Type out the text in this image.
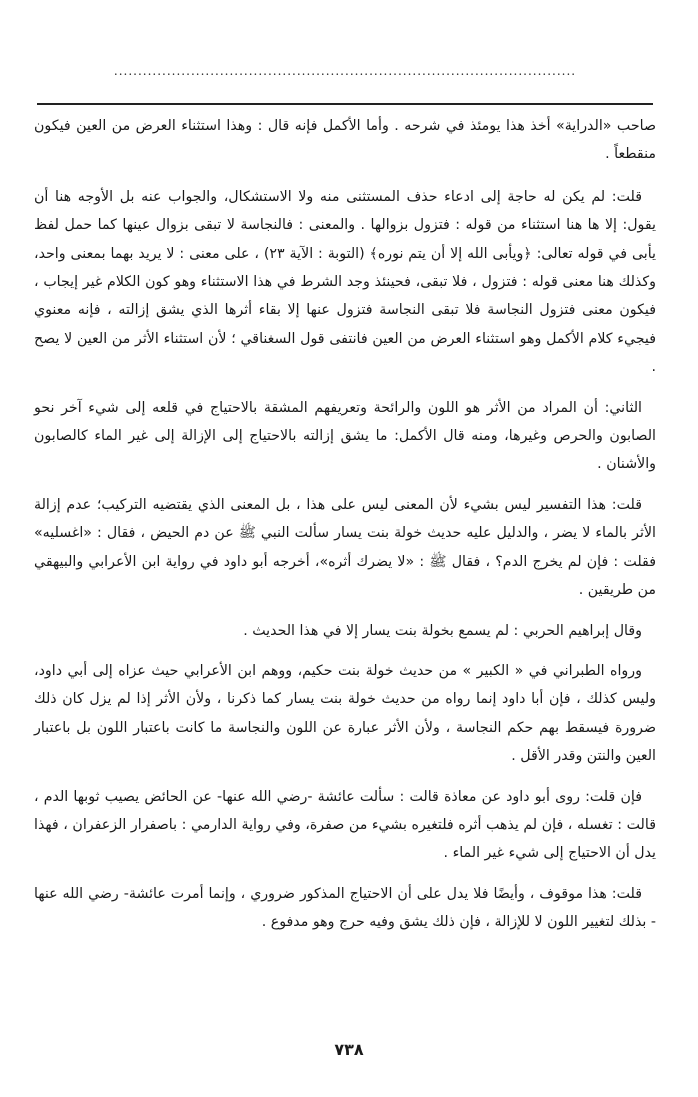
................................................................................................

صاحب «الدراية» أخذ هذا يومئذ في شرحه . وأما الأكمل فإنه قال : وهذا استثناء العرض من العين فيكون منقطعاً .

قلت: لم يكن له حاجة إلى ادعاء حذف المستثنى منه ولا الاستشكال، والجواب عنه بل الأوجه هنا أن يقول: إلا ها هنا استثناء من قوله : فتزول بزوالها . والمعنى : فالنجاسة لا تبقى بزوال عينها كما حمل لفظ يأبى في قوله تعالى: ﴿ويأبى الله إلا أن يتم نوره﴾ (التوبة : الآية ٢٣) ، على معنى : لا يريد بهما بمعنى واحد، وكذلك هنا معنى قوله : فتزول ، فلا تبقى، فحينئذ وجد الشرط في هذا الاستثناء وهو كون الكلام غير إيجاب ، فيكون معنى فتزول النجاسة فلا تبقى النجاسة فتزول عنها إلا بقاء أثرها الذي يشق إزالته ، فإنه معنوي فيجيء كلام الأكمل وهو استثناء العرض من العين فانتفى قول السغناقي ؛ لأن استثناء الأثر من العين لا يصح .

الثاني: أن المراد من الأثر هو اللون والرائحة وتعريفهم المشقة بالاحتياج في قلعه إلى شيء آخر نحو الصابون والحرص وغيرها، ومنه قال الأكمل: ما يشق إزالته بالاحتياج إلى الإزالة إلى غير الماء كالصابون والأشنان .

قلت: هذا التفسير ليس بشيء لأن المعنى ليس على هذا ، بل المعنى الذي يقتضيه التركيب؛ عدم إزالة الأثر بالماء لا يضر ، والدليل عليه حديث خولة بنت يسار سألت النبي ﷺ عن دم الحيض ، فقال : «اغسليه» فقلت : فإن لم يخرج الدم؟ ، فقال ﷺ : «لا يضرك أثره»، أخرجه أبو داود في رواية ابن الأعرابي والبيهقي من طريقين .

وقال إبراهيم الحربي : لم يسمع بخولة بنت يسار إلا في هذا الحديث .

ورواه الطبراني في « الكبير » من حديث خولة بنت حكيم، ووهم ابن الأعرابي حيث عزاه إلى أبي داود، وليس كذلك ، فإن أبا داود إنما رواه من حديث خولة بنت يسار كما ذكرنا ، ولأن الأثر إذا لم يزل كان ذلك ضرورة فيسقط بهم حكم النجاسة ، ولأن الأثر عبارة عن اللون والنجاسة ما كانت باعتبار اللون بل باعتبار العين والنتن وقدر الأقل .

فإن قلت: روى أبو داود عن معاذة قالت : سألت عائشة -رضي الله عنها- عن الحائض يصيب ثوبها الدم ، قالت : تغسله ، فإن لم يذهب أثره فلتغيره بشيء من صفرة، وفي رواية الدارمي : باصفرار الزعفران ، فهذا يدل أن الاحتياج إلى شيء غير الماء .

قلت: هذا موقوف ، وأيضًا فلا يدل على أن الاحتياج المذكور ضروري ، وإنما أمرت عائشة- رضي الله عنها - بذلك لتغيير اللون لا للإزالة ، فإن ذلك يشق وفيه حرج وهو مدفوع .

٧٣٨
